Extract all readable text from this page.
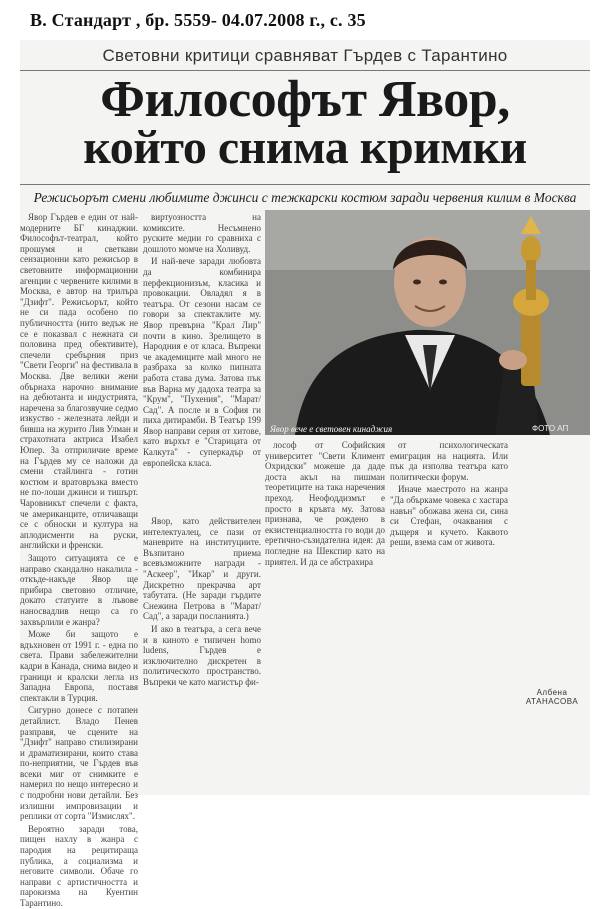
В. Стандарт , бр. 5559- 04.07.2008 г., с. 35
Световни критици сравняват Гърдев с Тарантино
Философът Явор,
който снима кримки
Режисьорът смени любимите джинси с тежкарски костюм заради червения килим в Москва

Явор Гърдев е един от най-модерните БГ кинаджии. Философът-театрал, който прошумя и светкави сензационни като режисьор в световните информационни агенции с червените килими в Москва, е автор на трилъра "Дзифт". Режисьорът, който не си пада особено по публичността (нито ведъж не се е показвал с нежната си половина пред обективите), спечели сребърния приз "Свети Георги" на фестивала в Москва. Две велики жени обърнаха нарочно внимание на дебютанта и индустрията, наречена за благозвучие седмо изкуство - железната лейди и бивша на журито Лив Улман и страхотната актриса Изабел Юпер. За отприличие време на Гърдев му се наложи да смени стайлинга - готин костюм и вратовръзка вместо не по-лоши джинси и тишърт. Чаровникът спечели с факта, че американците, отличаващи се с обноски и култура на аплодисменти на руски, английски и френски.

Защото ситуацията се е направо скандално накалила - откъде-накъде Явор ще прибира световно отличие, докато статуите в лъвове наносвадлив нещо са го захвърлили е жанра?

Може би защото е вдъхновен от 1991 г. - една по света. Прави забележителни кадри в Канада, снима видео и граници и кралски легла из Западна Европа, поставя спектакли в Турция.

Сигурно донесе с потапен детайлист. Владо Пенев разправя, че сцените на "Дзифт" направо стилизирани и драматизирани, които става по-неприятни, че Гърдев във всеки миг от снимките е намерил по нещо интересно и с подробни нови детайли. Без излишни импровизации и реплики от сорта "Измислях".

Вероятно заради това, пищен нахлу в жанра с пародия на рецитираща публика, а социализма и неговите символи. Обаче го направи с артистичността и парокизма на Куентин Тарантино.

виртуозността на комиксите. Несъмнено руските медии го сравниха с дошлото момче на Холивуд.

И най-вече заради любовта да комбинира перфекционизъм, класика и провокации. Овладял я в театъра. От сезони насам се говори за спектаклите му. Явор превърна "Крал Лир" почти в кино. Зрелището в Народния е от класа. Въпреки че академиците май много не разбраха за колко пипната работа става дума. Затова пък във Варна му дадоха театра за "Крум", "Пухения", "Марат/Сад". А после и в София ги пиха дитирамби. В Театър 199 Явор направи серия от хитове, като върхът е "Старицата от Калкута" - суперкадър от европейска класа.

Явор вече е световен кинаджия	ФОТО АП

Явор, като действителен интелектуалец, се пази от маневрите на институциите. Възпитано приема всевъзможните награди - "Аскеер", "Икар" и други. Дискретно прекрачва арт табутата. (Не заради гърдите Снежина Петрова в "Марат/Сад", а заради посланията.)

И ако в театъра, а сега вече и в киното е типичен homo ludens, Гърдев е изключително дискретен в политическото пространство. Въпреки че като магистър фи-

лософ от Софийския университет "Свети Климент Охридски" можеше да даде доста акъл на пишман теоретиците на така наречения преход. Неофоддизмът е просто в кръвта му. Затова признава, че рождено в екзистенциалността го води до еретично-съзидателна идея: да погледне на Шекспир като на приятел. И да се абстрахира

от психологическата емиграция на нацията. Или пък да изполва театъра като политически форум.

Иначе маестрото на жанра "Да объркаме човека с хастара навън" обожава жена си, сина си Стефан, очаквания с дъщеря и кучето. Каквото реши, взема сам от живота.

Албена АТАНАСОВА
